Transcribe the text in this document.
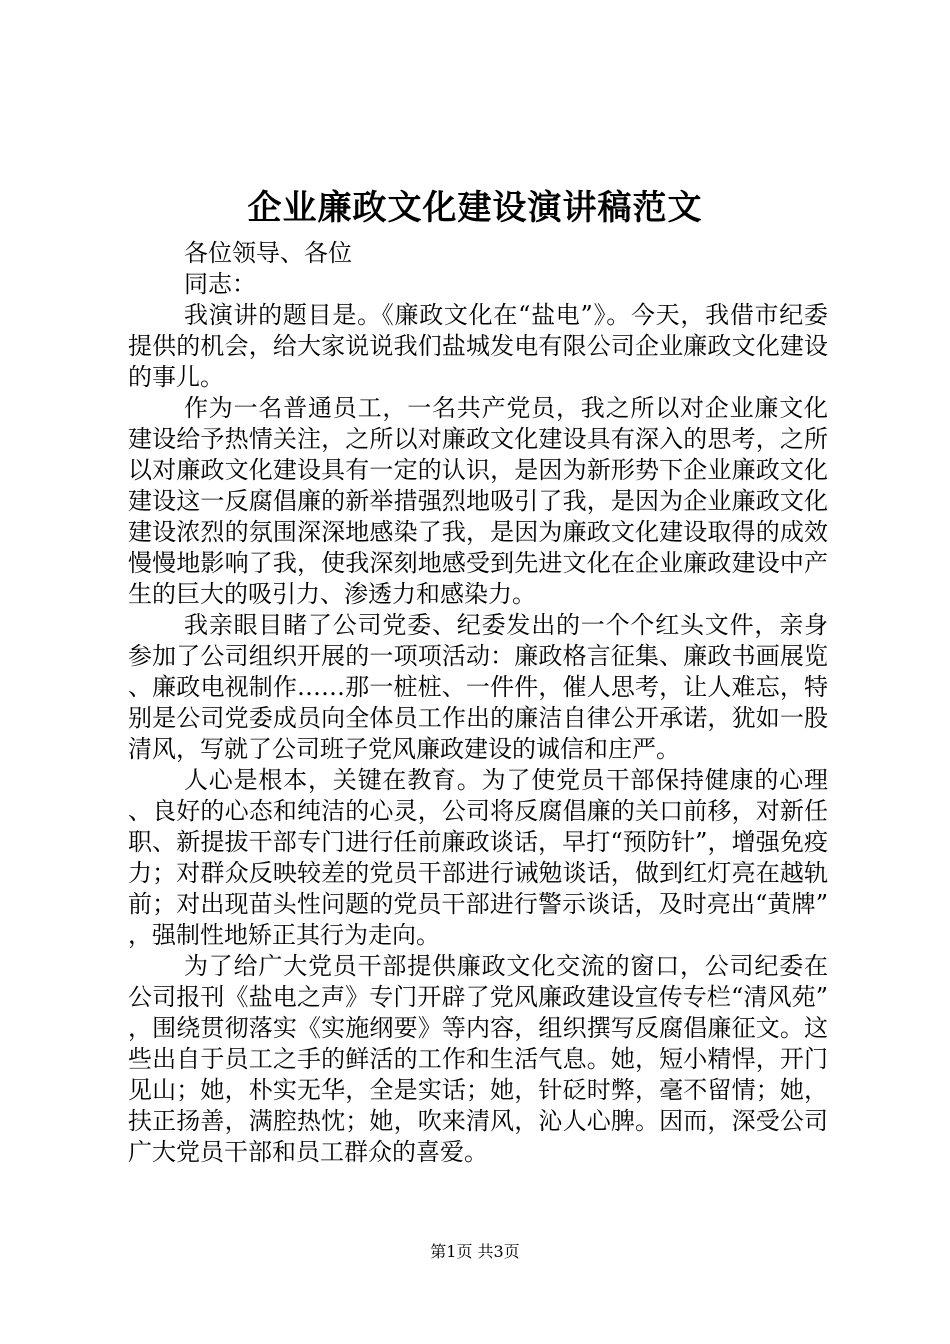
企业廉政文化建设演讲稿范文

各位领导、各位

同志：

我演讲的题目是。《廉政文化在“盐电”》。今天，我借市纪委提供的机会，给大家说说我们盐城发电有限公司企业廉政文化建设的事儿。

作为一名普通员工，一名共产党员，我之所以对企业廉文化建设给予热情关注，之所以对廉政文化建设具有深入的思考，之所以对廉政文化建设具有一定的认识，是因为新形势下企业廉政文化建设这一反腐倡廉的新举措强烈地吸引了我，是因为企业廉政文化建设浓烈的氛围深深地感染了我，是因为廉政文化建设取得的成效慢慢地影响了我，使我深刻地感受到先进文化在企业廉政建设中产生的巨大的吸引力、渗透力和感染力。

我亲眼目睹了公司党委、纪委发出的一个个红头文件，亲身参加了公司组织开展的一项项活动：廉政格言征集、廉政书画展览、廉政电视制作……那一桩桩、一件件，催人思考，让人难忘，特别是公司党委成员向全体员工作出的廉洁自律公开承诺，犹如一股清风，写就了公司班子党风廉政建设的诚信和庄严。

人心是根本，关键在教育。为了使党员干部保持健康的心理、良好的心态和纯洁的心灵，公司将反腐倡廉的关口前移，对新任职、新提拔干部专门进行任前廉政谈话，早打“预防针”，增强免疫力；对群众反映较差的党员干部进行诫勉谈话，做到红灯亮在越轨前；对出现苗头性问题的党员干部进行警示谈话，及时亮出“黄牌”，强制性地矫正其行为走向。

为了给广大党员干部提供廉政文化交流的窗口，公司纪委在公司报刊《盐电之声》专门开辟了党风廉政建设宣传专栏“清风苑”，围绕贯彻落实《实施纲要》等内容，组织撰写反腐倡廉征文。这些出自于员工之手的鲜活的工作和生活气息。她，短小精悍，开门见山；她，朴实无华，全是实话；她，针砭时弊，毫不留情；她，扶正扬善，满腔热忱；她，吹来清风，沁人心脾。因而，深受公司广大党员干部和员工群众的喜爱。

第1页 共3页
